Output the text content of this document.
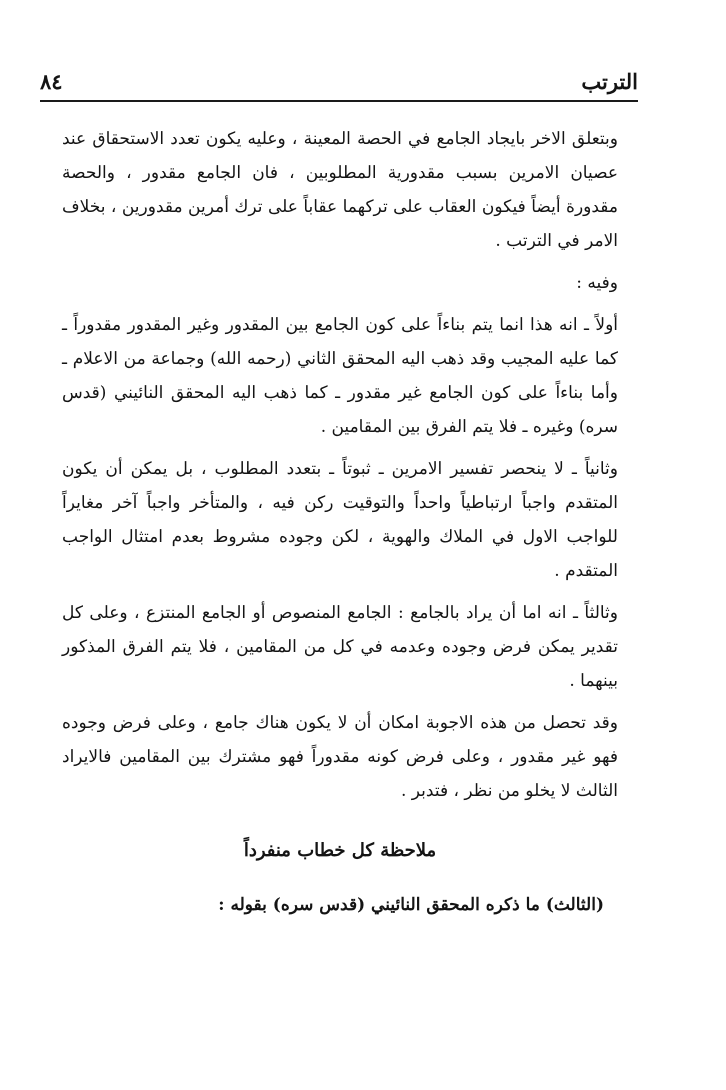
٨٤	الترتب

وبتعلق الاخر بايجاد الجامع في الحصة المعينة ، وعليه يكون تعدد الاستحقاق عند عصيان الامرين بسبب مقدورية المطلوبين ، فان الجامع مقدور ، والحصة مقدورة أيضاً فيكون العقاب على تركهما عقاباً على ترك أمرين مقدورين ، بخلاف الامر في الترتب .

وفيه :

أولاً ـ انه هذا انما يتم بناءاً على كون الجامع بين المقدور وغير المقدور مقدوراً ـ كما عليه المجيب وقد ذهب اليه المحقق الثاني (رحمه الله) وجماعة من الاعلام ـ وأما بناءاً على كون الجامع غير مقدور ـ كما ذهب اليه المحقق النائيني (قدس سره) وغيره ـ فلا يتم الفرق بين المقامين .

وثانياً ـ لا ينحصر تفسير الامرين ـ ثبوتاً ـ بتعدد المطلوب ، بل يمكن أن يكون المتقدم واجباً ارتباطياً واحداً والتوقيت ركن فيه ، والمتأخر واجباً آخر مغايراً للواجب الاول في الملاك والهوية ، لكن وجوده مشروط بعدم امتثال الواجب المتقدم .

وثالثاً ـ انه اما أن يراد بالجامع : الجامع المنصوص أو الجامع المنتزع ، وعلى كل تقدير يمكن فرض وجوده وعدمه في كل من المقامين ، فلا يتم الفرق المذكور بينهما .

وقد تحصل من هذه الاجوبة امكان أن لا يكون هناك جامع ، وعلى فرض وجوده فهو غير مقدور ، وعلى فرض كونه مقدوراً فهو مشترك بين المقامين فالايراد الثالث لا يخلو من نظر ، فتدبر .

ملاحظة كل خطاب منفرداً

(الثالث) ما ذكره المحقق النائيني (قدس سره) بقوله :
